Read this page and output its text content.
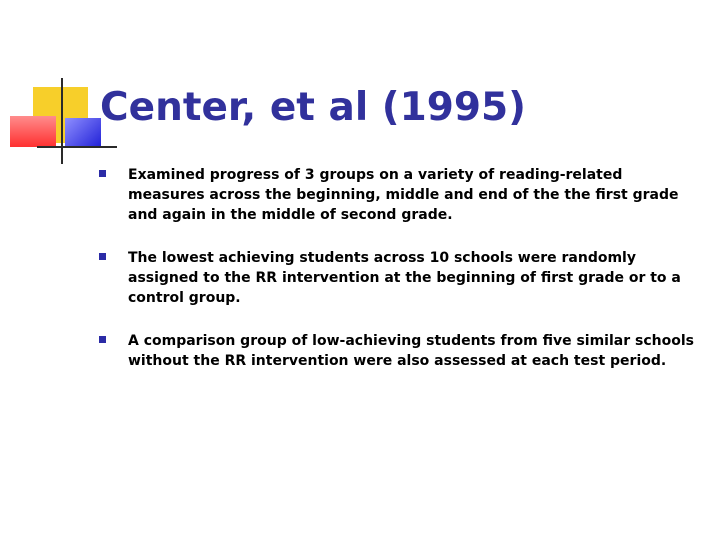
Center, et al (1995)
Examined progress of 3 groups on a variety of reading-related measures across the beginning, middle and end of the the first grade and again in the middle of second grade.
The lowest achieving students across 10 schools were randomly assigned to the RR intervention at the beginning of first grade or to a control group.
A comparison group of low-achieving students from five similar schools without the RR intervention were also assessed at each test period.
